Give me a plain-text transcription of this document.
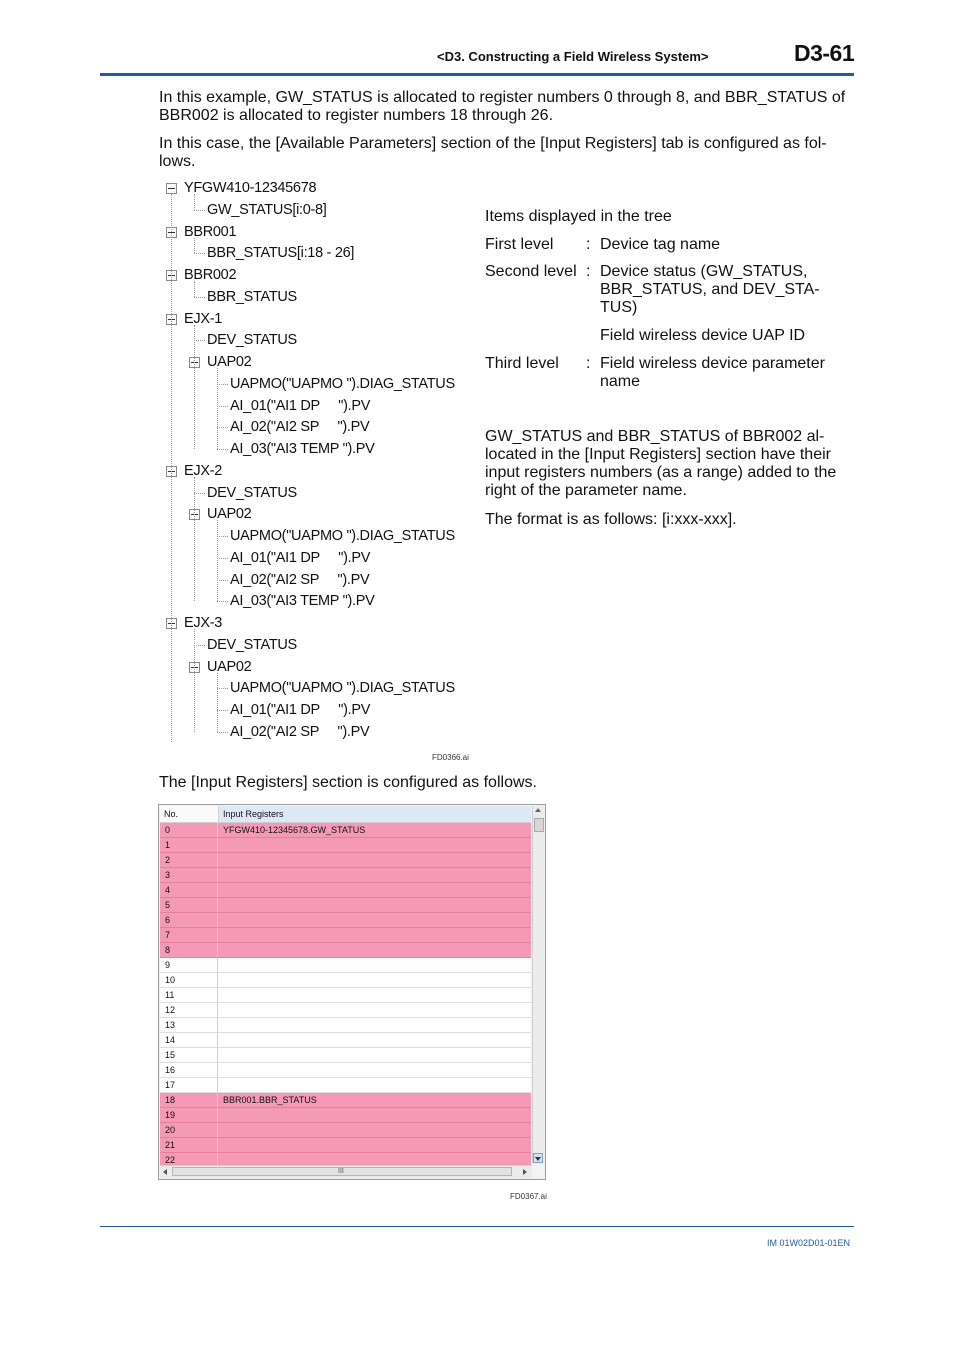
<D3. Constructing a Field Wireless System>	D3-61
In this example, GW_STATUS is allocated to register numbers 0 through 8, and BBR_STATUS of BBR002 is allocated to register numbers 18 through 26.
In this case, the [Available Parameters] section of the [Input Registers] tab is configured as fol-lows.
YFGW410-12345678
GW_STATUS[i:0-8]
BBR001
BBR_STATUS[i:18 - 26]
BBR002
BBR_STATUS
EJX-1
DEV_STATUS
UAP02
UAPMO("UAPMO ").DIAG_STATUS
AI_01("AI1 DP     ").PV
AI_02("AI2 SP     ").PV
AI_03("AI3 TEMP ").PV
EJX-2
DEV_STATUS
UAP02
UAPMO("UAPMO ").DIAG_STATUS
AI_01("AI1 DP     ").PV
AI_02("AI2 SP     ").PV
AI_03("AI3 TEMP ").PV
EJX-3
DEV_STATUS
UAP02
UAPMO("UAPMO ").DIAG_STATUS
AI_01("AI1 DP     ").PV
AI_02("AI2 SP     ").PV
Items displayed in the tree
First level : Device tag name
Second level : Device status (GW_STATUS, BBR_STATUS, and DEV_STA-TUS)
Field wireless device UAP ID
Third level : Field wireless device parameter name
GW_STATUS and BBR_STATUS of BBR002 al-located in the [Input Registers] section have their input registers numbers (as a range) added to the right of the parameter name.
The format is as follows: [i:xxx-xxx].
FD0366.ai
The [Input Registers] section is configured as follows.
No.	Input Registers
0	YFGW410-12345678.GW_STATUS
1
2
3
4
5
6
7
8
9
10
11
12
13
14
15
16
17
18	BBR001.BBR_STATUS
19
20
21
22
III
FD0367.ai
IM 01W02D01-01EN
